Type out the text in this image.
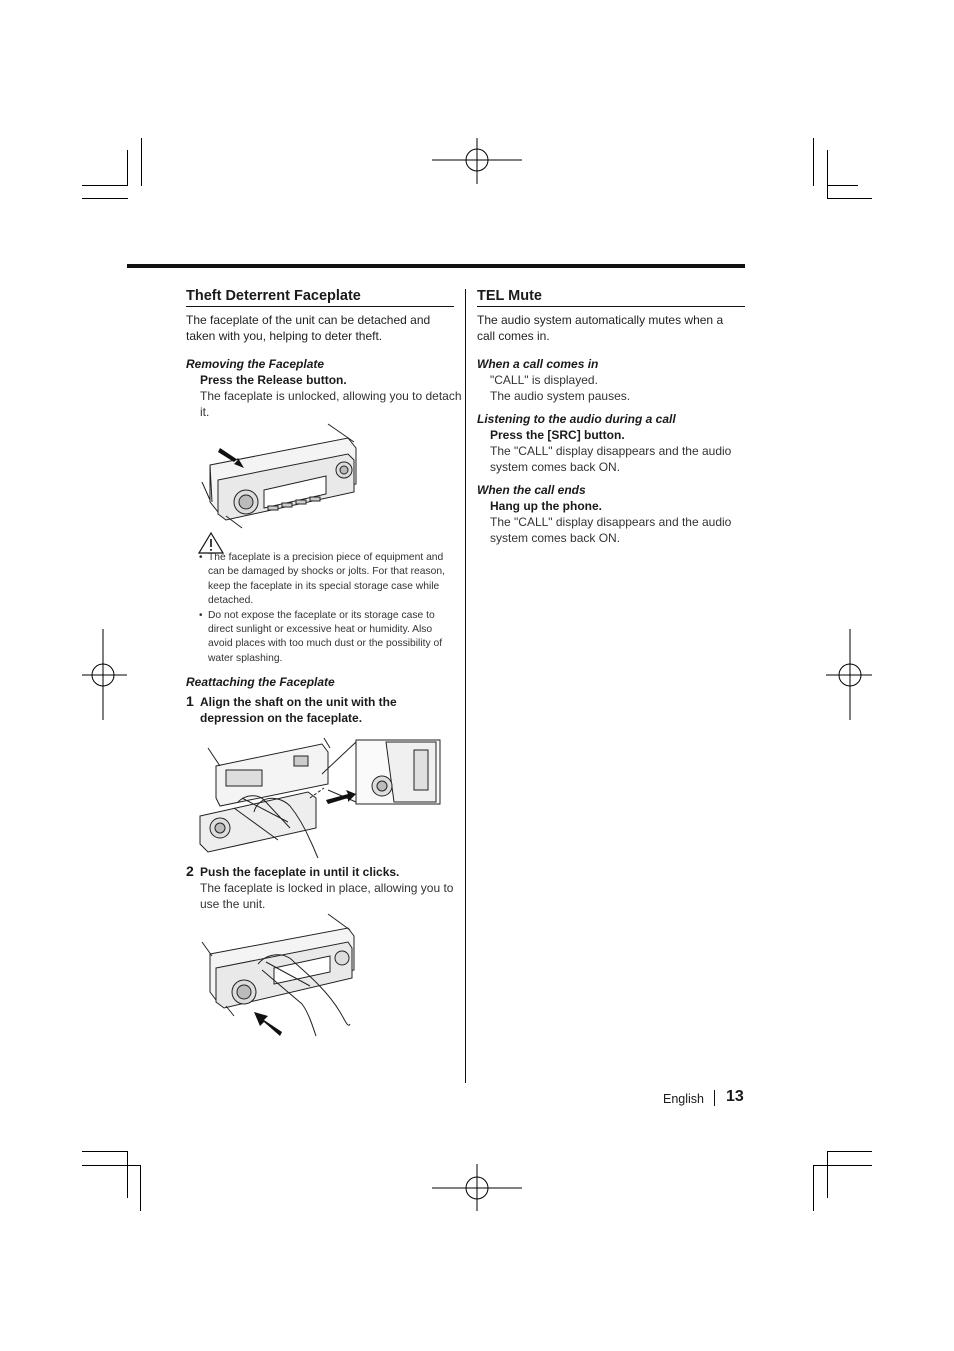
Theft Deterrent Faceplate
The faceplate of the unit can be detached and
taken with you, helping to deter theft.
Removing the Faceplate
Press the Release button.
The faceplate is unlocked, allowing you to detach
it.
• The faceplate is a precision piece of equipment and
can be damaged by shocks or jolts. For that reason,
keep the faceplate in its special storage case while
detached.
• Do not expose the faceplate or its storage case to
direct sunlight or excessive heat or humidity. Also
avoid places with too much dust or the possibility of
water splashing.
Reattaching the Faceplate
1 Align the shaft on the unit with the
depression on the faceplate.
2 Push the faceplate in until it clicks.
The faceplate is locked in place, allowing you to
use the unit.
TEL Mute
The audio system automatically mutes when a
call comes in.
When a call comes in
"CALL" is displayed.
The audio system pauses.
Listening to the audio during a call
Press the [SRC] button.
The "CALL" display disappears and the audio
system comes back ON.
When the call ends
Hang up the phone.
The "CALL" display disappears and the audio
system comes back ON.
English 13
